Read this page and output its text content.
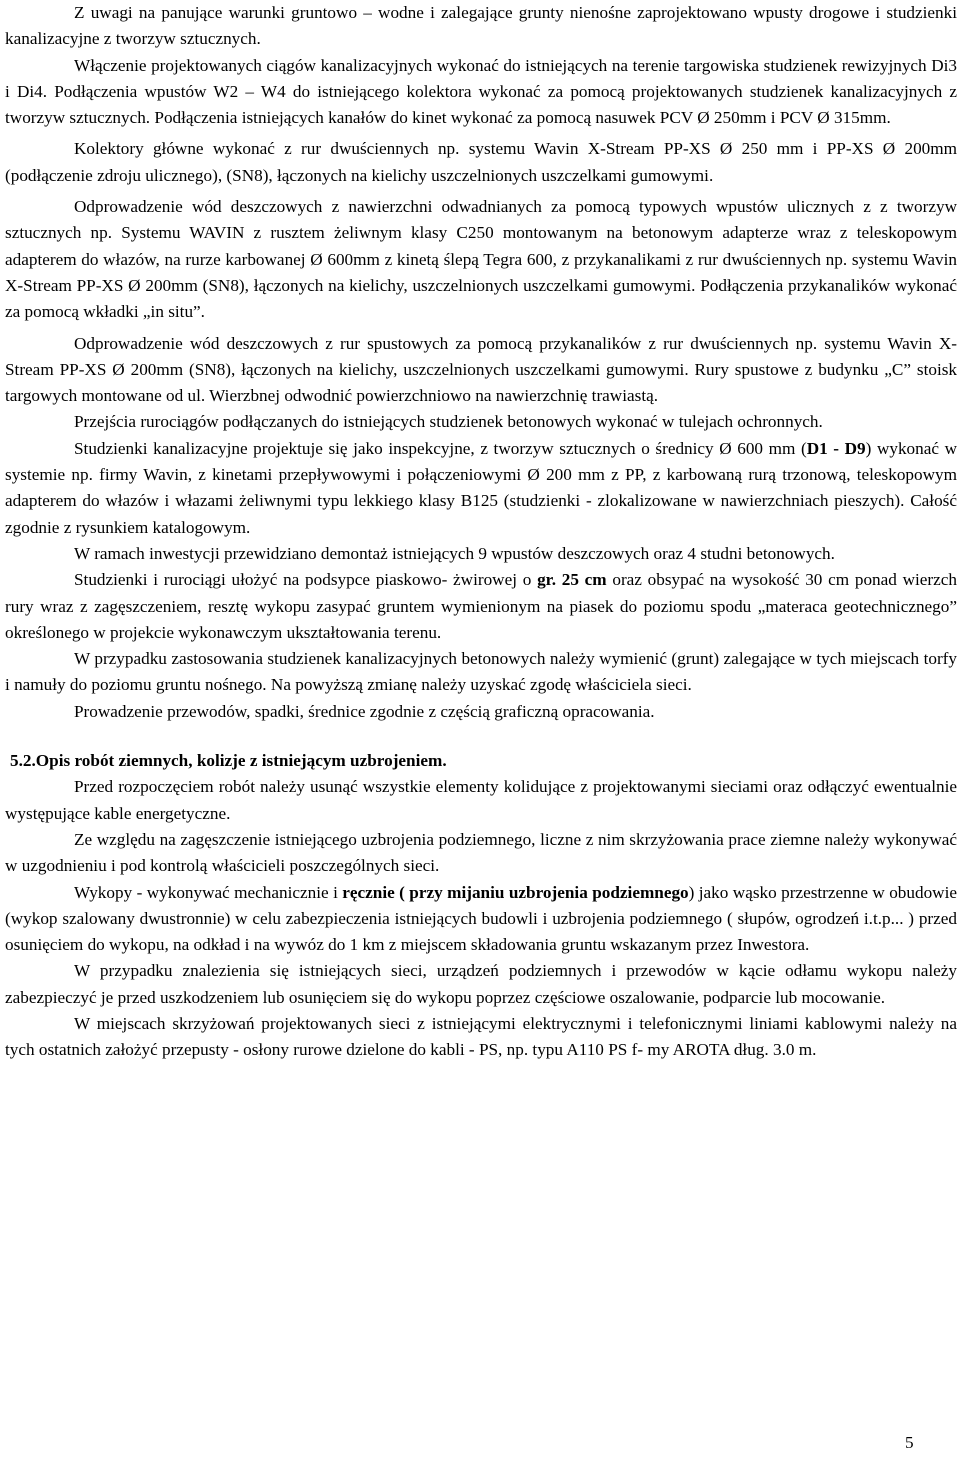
Z uwagi na panujące warunki gruntowo – wodne i zalegające grunty nienośne zaprojektowano wpusty drogowe i studzienki kanalizacyjne z tworzyw sztucznych.

Włączenie projektowanych ciągów kanalizacyjnych wykonać do istniejących na terenie targowiska studzienek rewizyjnych Di3 i Di4. Podłączenia wpustów W2 – W4 do istniejącego kolektora wykonać za pomocą projektowanych studzienek kanalizacyjnych z tworzyw sztucznych. Podłączenia istniejących kanałów do kinet wykonać za pomocą nasuwek PCV Ø 250mm i PCV Ø 315mm.

Kolektory główne wykonać z rur dwuściennych np. systemu Wavin X-Stream PP-XS Ø 250 mm i PP-XS Ø 200mm (podłączenie zdroju ulicznego), (SN8), łączonych na kielichy uszczelnionych uszczelkami gumowymi.

Odprowadzenie wód deszczowych z nawierzchni odwadnianych za pomocą typowych wpustów ulicznych z z tworzyw sztucznych np. Systemu WAVIN z rusztem żeliwnym klasy C250 montowanym na betonowym adapterze wraz z teleskopowym adapterem do włazów, na rurze karbowanej Ø 600mm z kinetą ślepą Tegra 600, z przykanalikami z rur dwuściennych np. systemu Wavin X-Stream PP-XS Ø 200mm (SN8), łączonych na kielichy, uszczelnionych uszczelkami gumowymi. Podłączenia przykanalików wykonać za pomocą wkładki „in situ”.

Odprowadzenie wód deszczowych z rur spustowych za pomocą przykanalików z rur dwuściennych np. systemu Wavin X-Stream PP-XS Ø 200mm (SN8), łączonych na kielichy, uszczelnionych uszczelkami gumowymi. Rury spustowe z budynku „C” stoisk targowych montowane od ul. Wierzbnej odwodnić powierzchniowo na nawierzchnię trawiastą.

Przejścia rurociągów podłączanych do istniejących studzienek betonowych wykonać w tulejach ochronnych.

Studzienki kanalizacyjne projektuje się jako inspekcyjne, z tworzyw sztucznych o średnicy Ø 600 mm (D1 - D9) wykonać w systemie np. firmy Wavin, z kinetami przepływowymi i połączeniowymi Ø 200 mm z PP, z karbowaną rurą trzonową, teleskopowym adapterem do włazów i włazami żeliwnymi typu lekkiego klasy B125 (studzienki - zlokalizowane w nawierzchniach pieszych). Całość zgodnie z rysunkiem katalogowym.

W ramach inwestycji przewidziano demontaż istniejących 9 wpustów deszczowych oraz 4 studni betonowych.

Studzienki i rurociągi ułożyć na podsypce piaskowo- żwirowej o gr. 25 cm oraz obsypać na wysokość 30 cm ponad wierzch rury wraz z zagęszczeniem, resztę wykopu zasypać gruntem wymienionym na piasek do poziomu spodu „materaca geotechnicznego” określonego w projekcie wykonawczym ukształtowania terenu.

W przypadku zastosowania studzienek kanalizacyjnych betonowych należy wymienić (grunt) zalegające w tych miejscach torfy i namuły do poziomu gruntu nośnego. Na powyższą zmianę należy uzyskać zgodę właściciela sieci.

Prowadzenie przewodów, spadki, średnice zgodnie z częścią graficzną opracowania.

5.2.Opis robót ziemnych, kolizje z istniejącym uzbrojeniem.

Przed rozpoczęciem robót należy usunąć wszystkie elementy kolidujące z projektowanymi sieciami oraz odłączyć ewentualnie występujące kable energetyczne.

Ze względu na zagęszczenie istniejącego uzbrojenia podziemnego, liczne z nim skrzyżowania prace ziemne należy wykonywać w uzgodnieniu i pod kontrolą właścicieli poszczególnych sieci.

Wykopy - wykonywać mechanicznie i ręcznie ( przy mijaniu uzbrojenia podziemnego) jako wąsko przestrzenne w obudowie (wykop szalowany dwustronnie) w celu zabezpieczenia istniejących budowli i uzbrojenia podziemnego ( słupów, ogrodzeń i.t.p... ) przed osunięciem do wykopu, na odkład i na wywóz do 1 km z miejscem składowania gruntu wskazanym przez Inwestora.

W przypadku znalezienia się istniejących sieci, urządzeń podziemnych i przewodów w kącie odłamu wykopu należy zabezpieczyć je przed uszkodzeniem lub osunięciem się do wykopu poprzez częściowe oszalowanie, podparcie lub mocowanie.

W miejscach skrzyżowań projektowanych sieci z istniejącymi elektrycznymi i telefonicznymi liniami kablowymi należy na tych ostatnich założyć przepusty - osłony rurowe dzielone do kabli - PS, np. typu A110 PS f- my AROTA dług. 3.0 m.

5
